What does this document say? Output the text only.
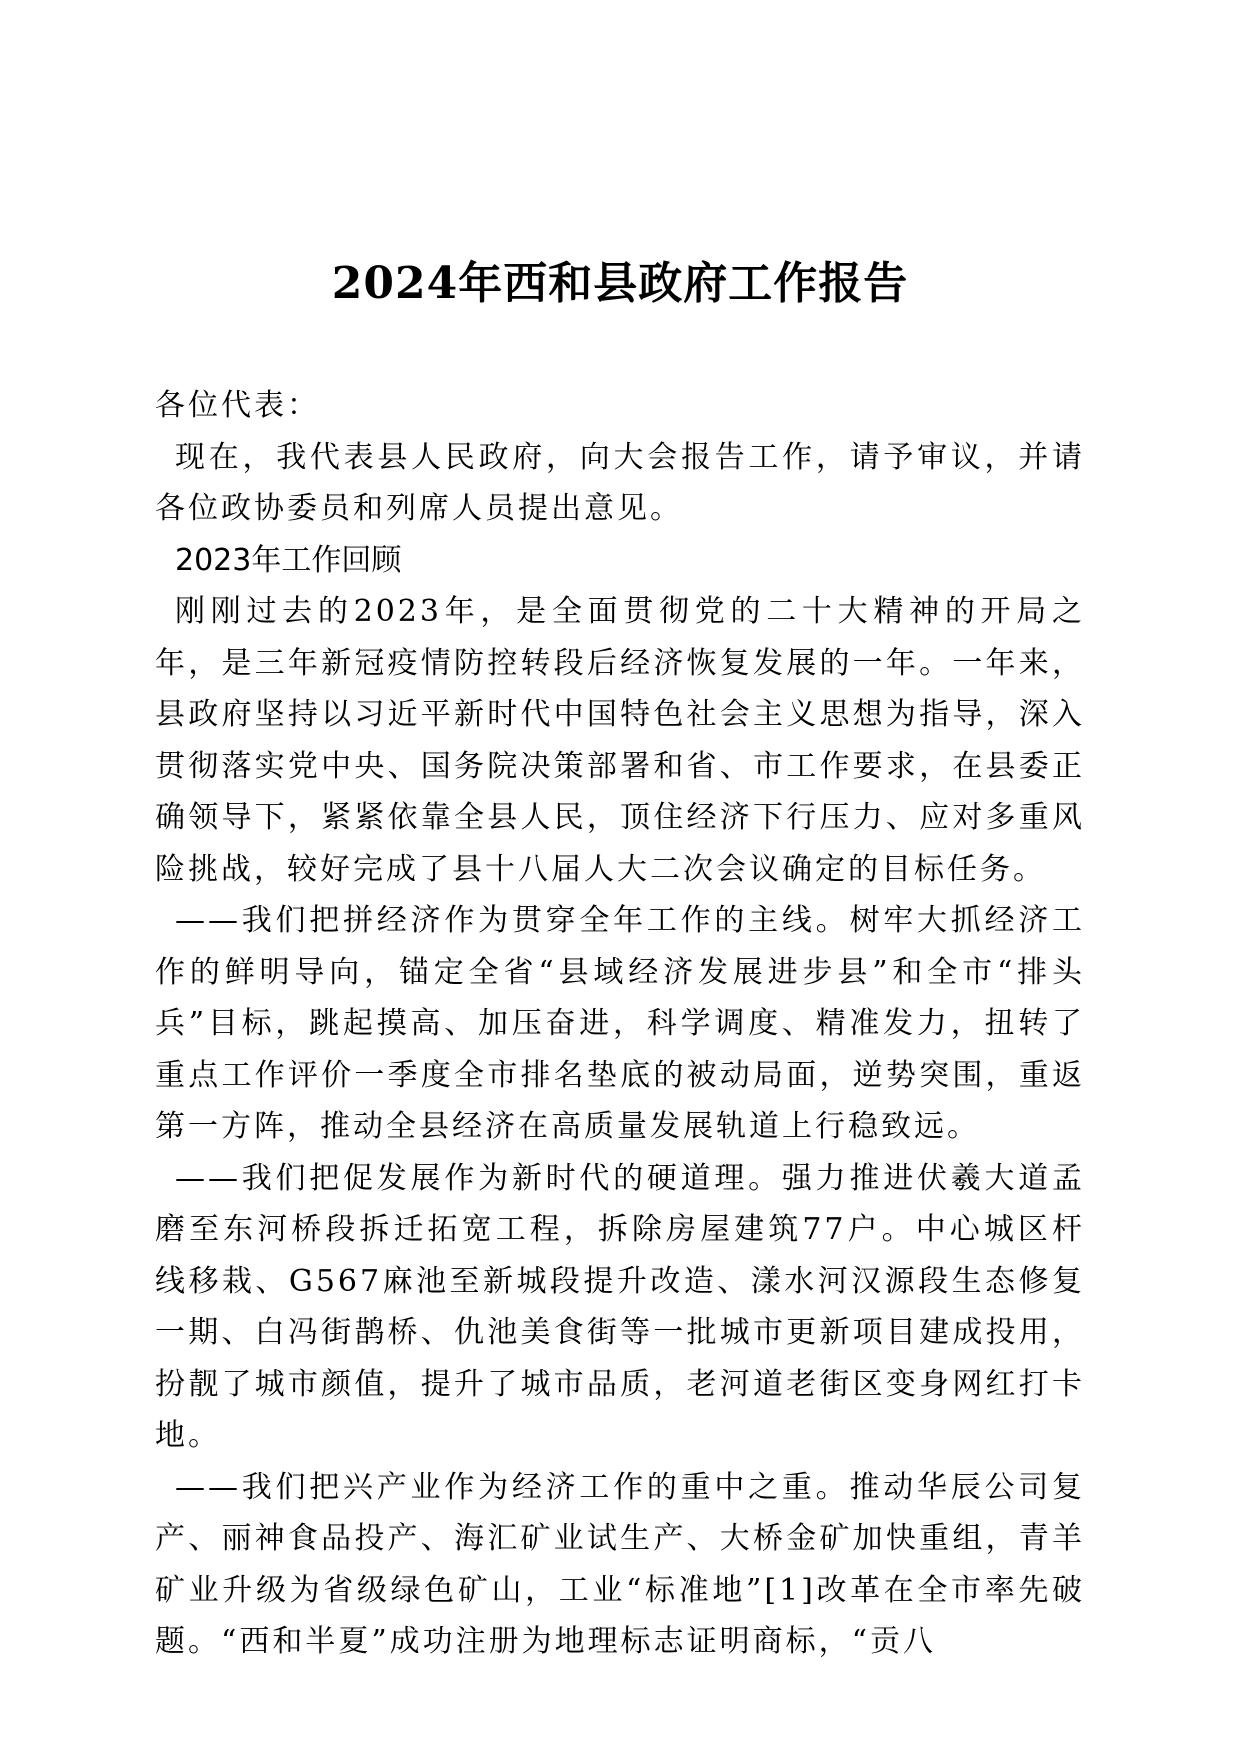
2024年西和县政府工作报告

各位代表：

现在，我代表县人民政府，向大会报告工作，请予审议，并请各位政协委员和列席人员提出意见。

2023年工作回顾

刚刚过去的2023年，是全面贯彻党的二十大精神的开局之年，是三年新冠疫情防控转段后经济恢复发展的一年。一年来，县政府坚持以习近平新时代中国特色社会主义思想为指导，深入贯彻落实党中央、国务院决策部署和省、市工作要求，在县委正确领导下，紧紧依靠全县人民，顶住经济下行压力、应对多重风险挑战，较好完成了县十八届人大二次会议确定的目标任务。

——我们把拼经济作为贯穿全年工作的主线。树牢大抓经济工作的鲜明导向，锚定全省“县域经济发展进步县”和全市“排头兵”目标，跳起摸高、加压奋进，科学调度、精准发力，扭转了重点工作评价一季度全市排名垫底的被动局面，逆势突围，重返第一方阵，推动全县经济在高质量发展轨道上行稳致远。

——我们把促发展作为新时代的硬道理。强力推进伏羲大道孟磨至东河桥段拆迁拓宽工程，拆除房屋建筑77户。中心城区杆线移栽、G567麻池至新城段提升改造、漾水河汉源段生态修复一期、白冯街鹊桥、仇池美食街等一批城市更新项目建成投用，扮靓了城市颜值，提升了城市品质，老河道老街区变身网红打卡地。

——我们把兴产业作为经济工作的重中之重。推动华辰公司复产、丽神食品投产、海汇矿业试生产、大桥金矿加快重组，青羊矿业升级为省级绿色矿山，工业“标准地”[1]改革在全市率先破题。“西和半夏”成功注册为地理标志证明商标，“贡八
